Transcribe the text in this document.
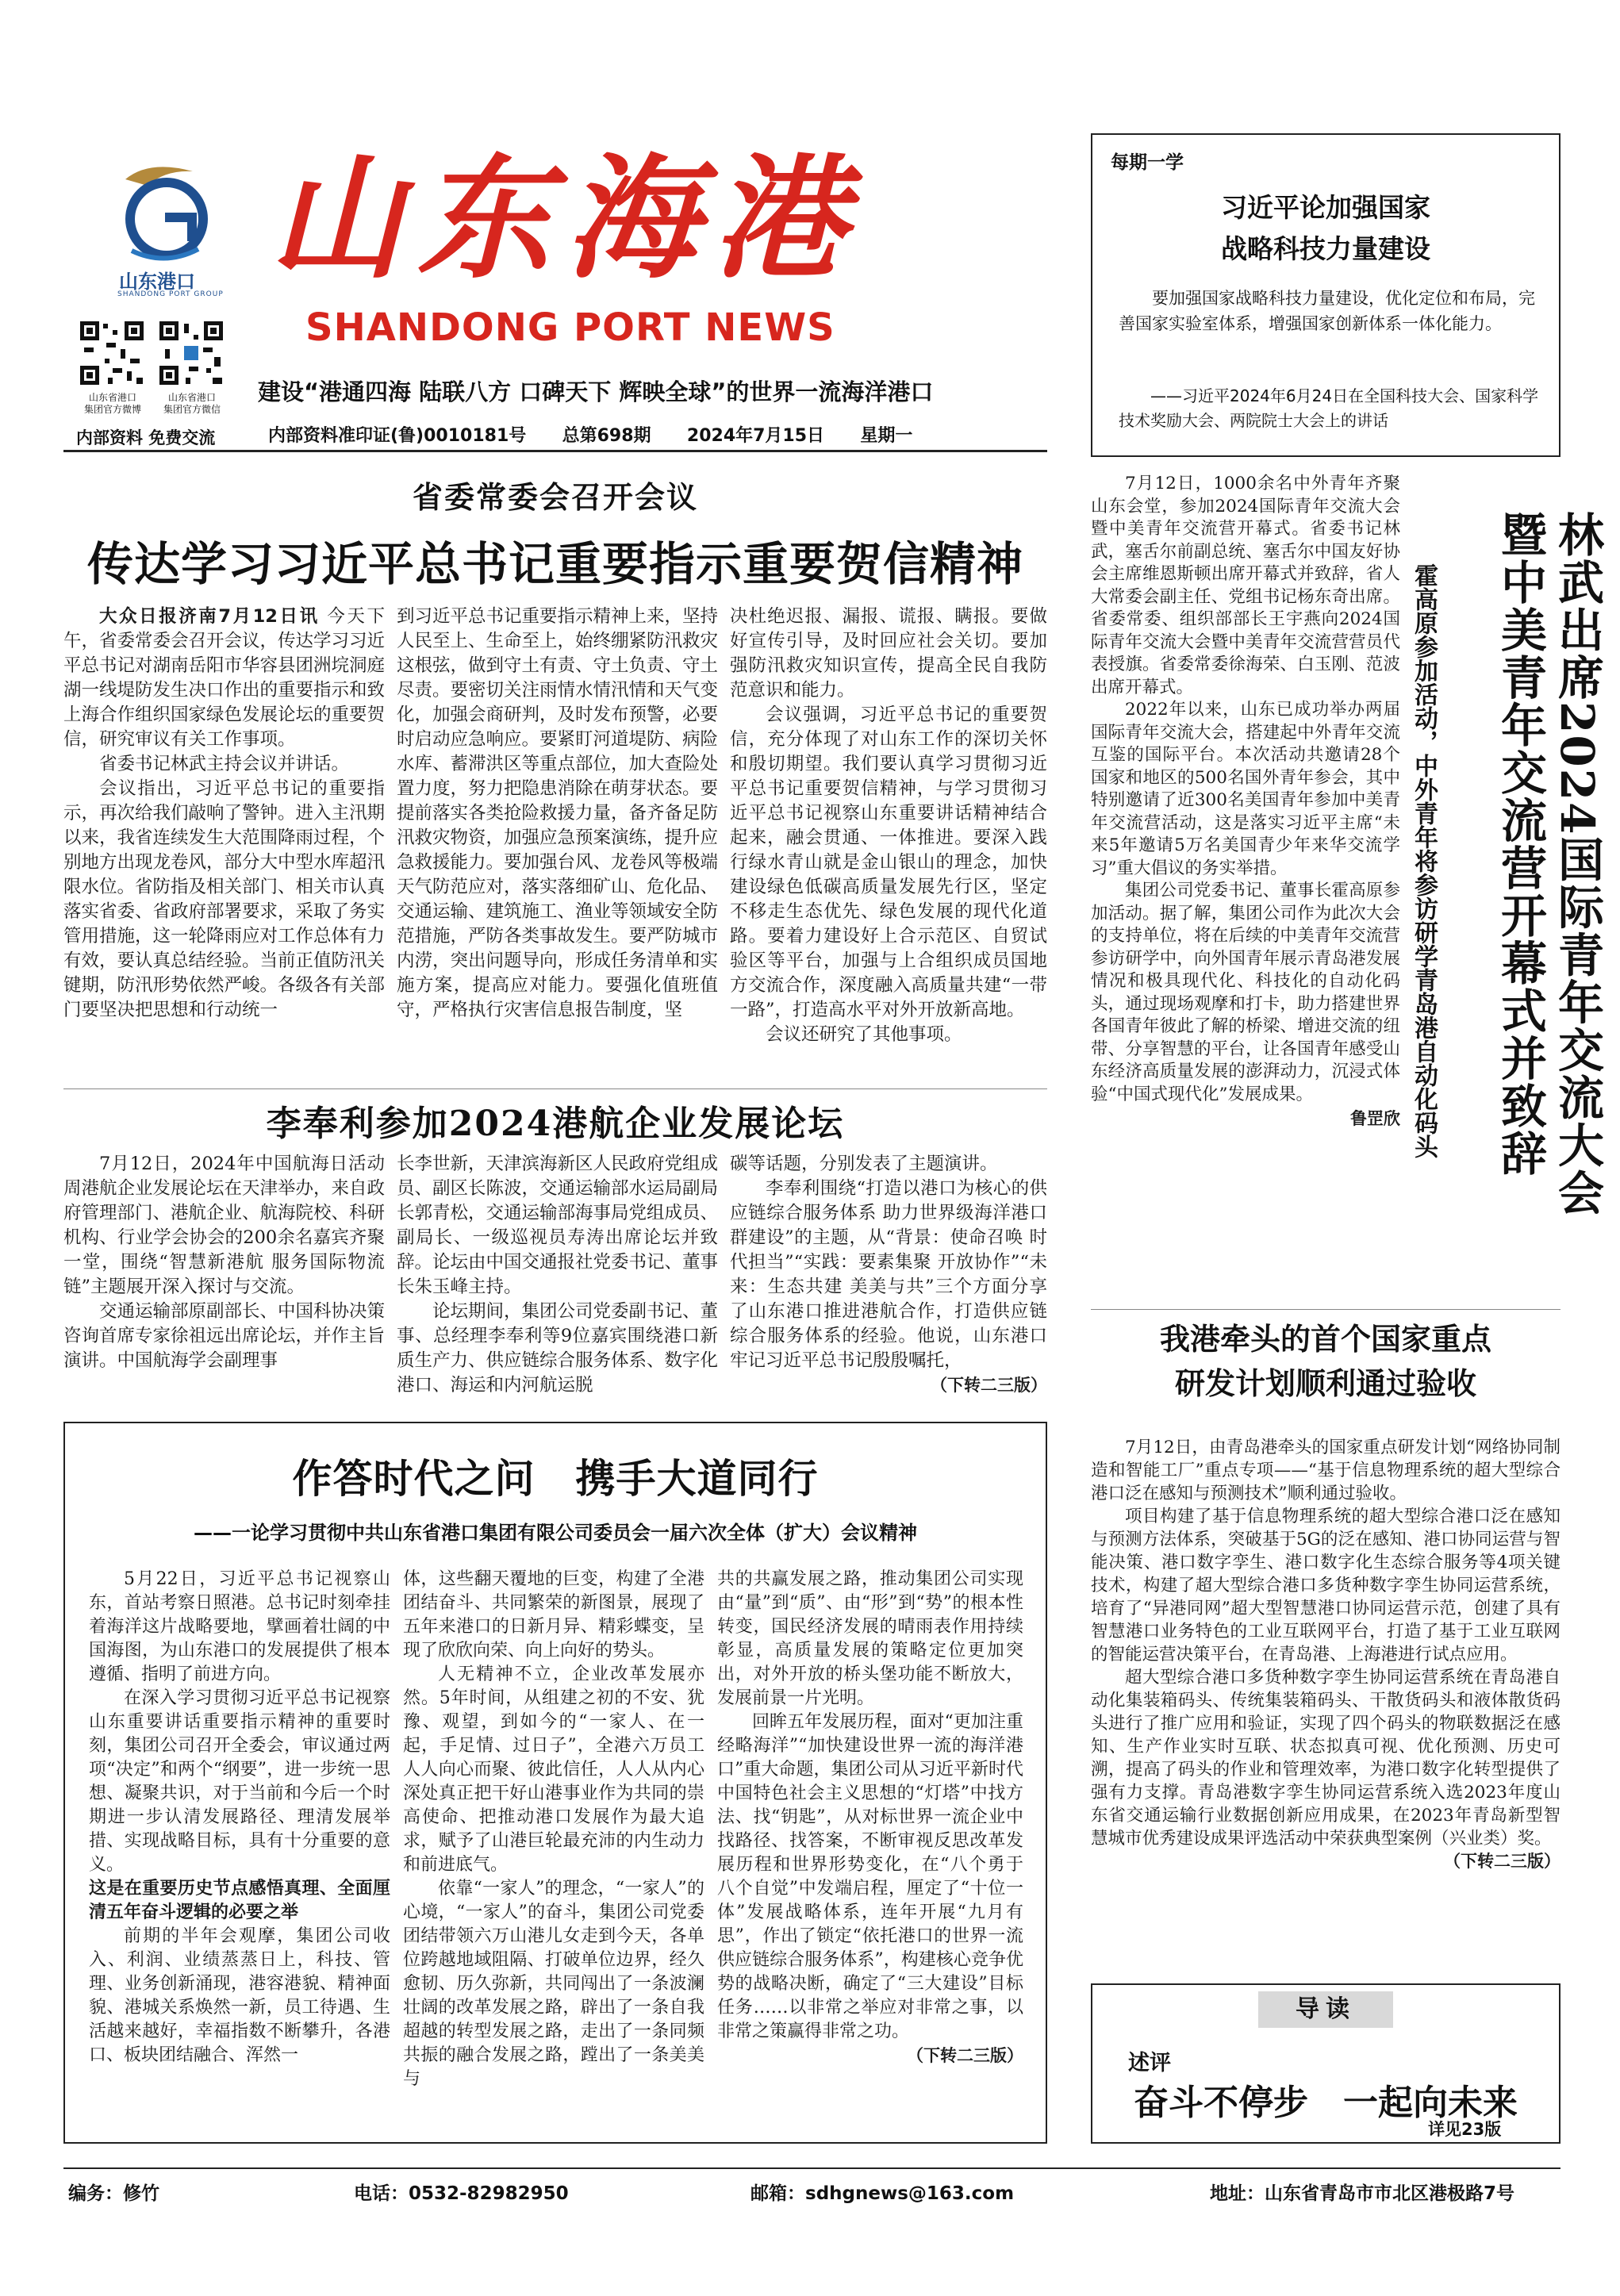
山东港口
SHANDONG PORT GROUP 山东海港
SHANDONG PORT NEWS
山东省港口
集团官方微博
山东省港口
集团官方微信
内部资料 免费交流
建设“港通四海 陆联八方 口碑天下 辉映全球”的世界一流海洋港口
内部资料准印证(鲁)0010181号 总第698期 2024年7月15日 星期一
每期一学
习近平论加强国家
战略科技力量建设
要加强国家战略科技力量建设，优化定位和布局，完善国家实验室体系，增强国家创新体系一体化能力。
——习近平2024年6月24日在全国科技大会、国家科学技术奖励大会、两院院士大会上的讲话
省委常委会召开会议
传达学习习近平总书记重要指示重要贺信精神

大众日报济南7月12日讯 今天下午，省委常委会召开会议，传达学习习近平总书记对湖南岳阳市华容县团洲垸洞庭湖一线堤防发生决口作出的重要指示和致上海合作组织国家绿色发展论坛的重要贺信，研究审议有关工作事项。

省委书记林武主持会议并讲话。

会议指出，习近平总书记的重要指示，再次给我们敲响了警钟。进入主汛期以来，我省连续发生大范围降雨过程，个别地方出现龙卷风，部分大中型水库超汛限水位。省防指及相关部门、相关市认真落实省委、省政府部署要求，采取了务实管用措施，这一轮降雨应对工作总体有力有效，要认真总结经验。当前正值防汛关键期，防汛形势依然严峻。各级各有关部门要坚决把思想和行动统一

到习近平总书记重要指示精神上来，坚持人民至上、生命至上，始终绷紧防汛救灾这根弦，做到守土有责、守土负责、守土尽责。要密切关注雨情水情汛情和天气变化，加强会商研判，及时发布预警，必要时启动应急响应。要紧盯河道堤防、病险水库、蓄滞洪区等重点部位，加大查险处置力度，努力把隐患消除在萌芽状态。要提前落实各类抢险救援力量，备齐备足防汛救灾物资，加强应急预案演练，提升应急救援能力。要加强台风、龙卷风等极端天气防范应对，落实落细矿山、危化品、交通运输、建筑施工、渔业等领域安全防范措施，严防各类事故发生。要严防城市内涝，突出问题导向，形成任务清单和实施方案，提高应对能力。要强化值班值守，严格执行灾害信息报告制度，坚

决杜绝迟报、漏报、谎报、瞒报。要做好宣传引导，及时回应社会关切。要加强防汛救灾知识宣传，提高全民自我防范意识和能力。

会议强调，习近平总书记的重要贺信，充分体现了对山东工作的深切关怀和殷切期望。我们要认真学习贯彻习近平总书记重要贺信精神，与学习贯彻习近平总书记视察山东重要讲话精神结合起来，融会贯通、一体推进。要深入践行绿水青山就是金山银山的理念，加快建设绿色低碳高质量发展先行区，坚定不移走生态优先、绿色发展的现代化道路。要着力建设好上合示范区、自贸试验区等平台，加强与上合组织成员国地方交流合作，深度融入高质量共建“一带一路”，打造高水平对外开放新高地。

会议还研究了其他事项。

李奉利参加2024港航企业发展论坛

7月12日，2024年中国航海日活动周港航企业发展论坛在天津举办，来自政府管理部门、港航企业、航海院校、科研机构、行业学会协会的200余名嘉宾齐聚一堂，围绕“智慧新港航 服务国际物流链”主题展开深入探讨与交流。

交通运输部原副部长、中国科协决策咨询首席专家徐祖远出席论坛，并作主旨演讲。中国航海学会副理事

长李世新，天津滨海新区人民政府党组成员、副区长陈波，交通运输部水运局副局长郭青松，交通运输部海事局党组成员、副局长、一级巡视员寿涛出席论坛并致辞。论坛由中国交通报社党委书记、董事长朱玉峰主持。

论坛期间，集团公司党委副书记、董事、总经理李奉利等9位嘉宾围绕港口新质生产力、供应链综合服务体系、数字化港口、海运和内河航运脱

碳等话题，分别发表了主题演讲。

李奉利围绕“打造以港口为核心的供应链综合服务体系 助力世界级海洋港口群建设”的主题，从“背景：使命召唤 时代担当”“实践：要素集聚 开放协作”“未来：生态共建 美美与共”三个方面分享了山东港口推进港航合作，打造供应链综合服务体系的经验。他说，山东港口牢记习近平总书记殷殷嘱托，

（下转二三版）
作答时代之问　携手大道同行
——一论学习贯彻中共山东省港口集团有限公司委员会一届六次全体（扩大）会议精神

5月22日，习近平总书记视察山东，首站考察日照港。总书记时刻牵挂着海洋这片战略要地，擘画着壮阔的中国海图，为山东港口的发展提供了根本遵循、指明了前进方向。

在深入学习贯彻习近平总书记视察山东重要讲话重要指示精神的重要时刻，集团公司召开全委会，审议通过两项“决定”和两个“纲要”，进一步统一思想、凝聚共识，对于当前和今后一个时期进一步认清发展路径、理清发展举措、实现战略目标，具有十分重要的意义。

这是在重要历史节点感悟真理、全面厘清五年奋斗逻辑的必要之举

前期的半年会观摩，集团公司收入、利润、业绩蒸蒸日上，科技、管理、业务创新涌现，港容港貌、精神面貌、港城关系焕然一新，员工待遇、生活越来越好，幸福指数不断攀升，各港口、板块团结融合、浑然一

体，这些翻天覆地的巨变，构建了全港团结奋斗、共同繁荣的新图景，展现了五年来港口的日新月异、精彩蝶变，呈现了欣欣向荣、向上向好的势头。

人无精神不立，企业改革发展亦然。5年时间，从组建之初的不安、犹豫、观望，到如今的“一家人、在一起，手足情、过日子”，全港六万员工人人向心而聚、彼此信任，人人从内心深处真正把干好山港事业作为共同的崇高使命、把推动港口发展作为最大追求，赋予了山港巨轮最充沛的内生动力和前进底气。

依靠“一家人”的理念，“一家人”的心境，“一家人”的奋斗，集团公司党委团结带领六万山港儿女走到今天，各单位跨越地域阻隔、打破单位边界，经久愈韧、历久弥新，共同闯出了一条波澜壮阔的改革发展之路，辟出了一条自我超越的转型发展之路，走出了一条同频共振的融合发展之路，蹚出了一条美美与

共的共赢发展之路，推动集团公司实现由“量”到“质”、由“形”到“势”的根本性转变，国民经济发展的晴雨表作用持续彰显，高质量发展的策略定位更加突出，对外开放的桥头堡功能不断放大，发展前景一片光明。

回眸五年发展历程，面对“更加注重经略海洋”“加快建设世界一流的海洋港口”重大命题，集团公司从习近平新时代中国特色社会主义思想的“灯塔”中找方法、找“钥匙”，从对标世界一流企业中找路径、找答案，不断审视反思改革发展历程和世界形势变化，在“八个勇于 八个自觉”中发端启程，厘定了“十位一体”发展战略体系，连年开展“九月有思”，作出了锁定“依托港口的世界一流供应链综合服务体系”，构建核心竞争优势的战略决断，确定了“三大建设”目标任务……以非常之举应对非常之事，以非常之策赢得非常之功。

（下转二三版）

7月12日，1000余名中外青年齐聚山东会堂，参加2024国际青年交流大会暨中美青年交流营开幕式。省委书记林武，塞舌尔前副总统、塞舌尔中国友好协会主席维恩斯顿出席开幕式并致辞，省人大常委会副主任、党组书记杨东奇出席。省委常委、组织部部长王宇燕向2024国际青年交流大会暨中美青年交流营营员代表授旗。省委常委徐海荣、白玉刚、范波出席开幕式。

2022年以来，山东已成功举办两届国际青年交流大会，搭建起中外青年交流互鉴的国际平台。本次活动共邀请28个国家和地区的500名国外青年参会，其中特别邀请了近300名美国青年参加中美青年交流营活动，这是落实习近平主席“未来5年邀请5万名美国青少年来华交流学习”重大倡议的务实举措。

集团公司党委书记、董事长霍高原参加活动。据了解，集团公司作为此次大会的支持单位，将在后续的中美青年交流营参访研学中，向外国青年展示青岛港发展情况和极具现代化、科技化的自动化码头，通过现场观摩和打卡，助力搭建世界各国青年彼此了解的桥梁、增进交流的纽带、分享智慧的平台，让各国青年感受山东经济高质量发展的澎湃动力，沉浸式体验“中国式现代化”发展成果。

鲁罡欣	林武出席2024国际青年交流大会暨中美青年交流营开幕式并致辞
霍高原参加活动，中外青年将参访研学青岛港自动化码头
我港牵头的首个国家重点
研发计划顺利通过验收

7月12日，由青岛港牵头的国家重点研发计划“网络协同制造和智能工厂”重点专项——“基于信息物理系统的超大型综合港口泛在感知与预测技术”顺利通过验收。

项目构建了基于信息物理系统的超大型综合港口泛在感知与预测方法体系，突破基于5G的泛在感知、港口协同运营与智能决策、港口数字孪生、港口数字化生态综合服务等4项关键技术，构建了超大型综合港口多货种数字孪生协同运营系统，培育了“异港同网”超大型智慧港口协同运营示范，创建了具有智慧港口业务特色的工业互联网平台，打造了基于工业互联网的智能运营决策平台，在青岛港、上海港进行试点应用。

超大型综合港口多货种数字孪生协同运营系统在青岛港自动化集装箱码头、传统集装箱码头、干散货码头和液体散货码头进行了推广应用和验证，实现了四个码头的物联数据泛在感知、生产作业实时互联、状态拟真可视、优化预测、历史可溯，提高了码头的作业和管理效率，为港口数字化转型提供了强有力支撑。青岛港数字孪生协同运营系统入选2023年度山东省交通运输行业数据创新应用成果，在2023年青岛新型智慧城市优秀建设成果评选活动中荣获典型案例（兴业类）奖。

（下转二三版）
导读
述评
奋斗不停步　一起向未来
详见23版
编务：修竹	电话：0532-82982950	邮箱：sdhgnews@163.com	地址：山东省青岛市市北区港极路7号
